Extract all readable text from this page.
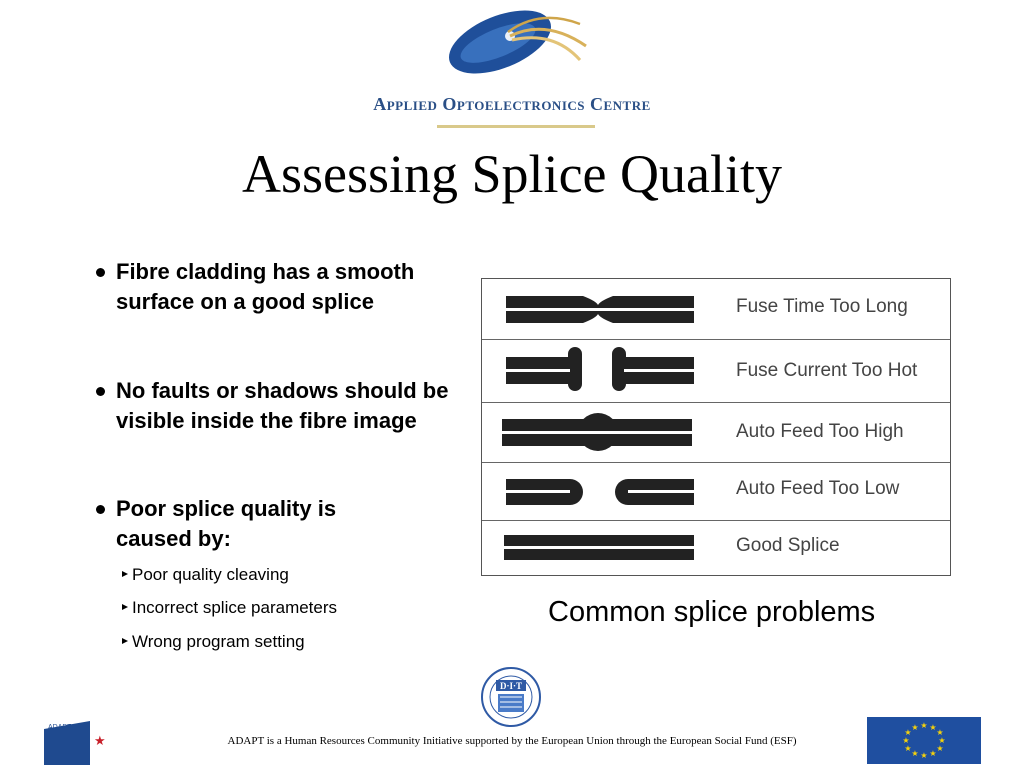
Applied Optoelectronics Centre
Assessing Splice Quality
Fibre cladding has a smooth surface on a good splice
No faults or shadows should be visible inside the fibre image
Poor splice quality is caused by:
Poor quality cleaving
Incorrect splice parameters
Wrong program setting
Fuse Time Too Long
Fuse Current Too Hot
Auto Feed Too High
Auto Feed Too Low
Good Splice
Common splice problems
D·I·T
ADAPT
★	ADAPT is a Human Resources Community Initiative supported by the European Union through the European Social Fund (ESF)
★ ★
★
★
★
★
★
★
★
★
★
★
